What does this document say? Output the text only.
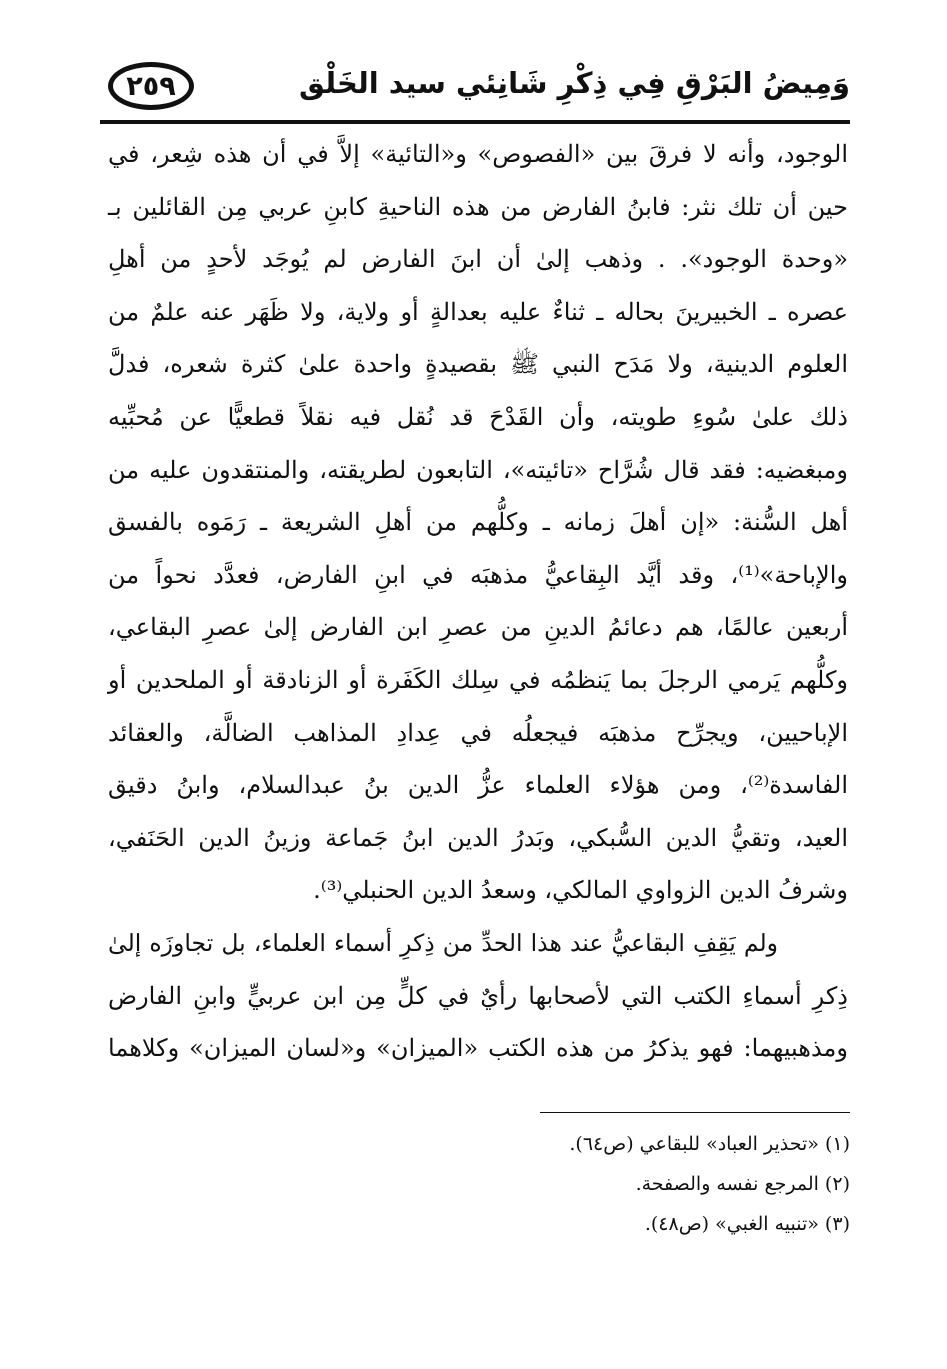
وَمِيضُ البَرْقِ فِي ذِكْرِ شَانِئي سيد الخَلْق
٢٥٩
الوجود، وأنه لا فرقَ بين «الفصوص» و«التائية» إلاَّ في أن هذه شِعر، في
حين أن تلك نثر: فابنُ الفارض من هذه الناحيةِ كابنِ عربي مِن القائلين بـ
«وحدة الوجود». . وذهب إلىٰ أن ابنَ الفارض لم يُوجَد لأحدٍ من أهلِ
عصره ـ الخبيرينَ بحاله ـ ثناءٌ عليه بعدالةٍ أو ولاية، ولا ظَهَر عنه علمٌ من
العلوم الدينية، ولا مَدَح النبي ﷺ بقصيدةٍ واحدة علىٰ كثرة شعره، فدلَّ
ذلك علىٰ سُوءِ طويته، وأن القَدْحَ قد نُقل فيه نقلاً قطعيًّا عن مُحبِّيه
ومبغضيه: فقد قال شُرَّاح «تائيته»، التابعون لطريقته، والمنتقدون عليه من
أهل السُّنة: «إن أهلَ زمانه ـ وكلُّهم من أهلِ الشريعة ـ رَمَوه بالفسق
والإباحة»⁽¹⁾، وقد أيَّد البِقاعيُّ مذهبَه في ابنِ الفارض، فعدَّد نحواً من
أربعين عالمًا، هم دعائمُ الدينِ من عصرِ ابن الفارض إلىٰ عصرِ البقاعي،
وكلُّهم يَرمي الرجلَ بما يَنظمُه في سِلك الكَفَرة أو الزنادقة أو الملحدين أو
الإباحيين، ويجرِّح مذهبَه فيجعلُه في عِدادِ المذاهب الضالَّة، والعقائد
الفاسدة⁽²⁾، ومن هؤلاء العلماء عزُّ الدين بنُ عبدالسلام، وابنُ دقيق
العيد، وتقيُّ الدين السُّبكي، وبَدرُ الدين ابنُ جَماعة وزينُ الدين الحَنَفي،
وشرفُ الدين الزواوي المالكي، وسعدُ الدين الحنبلي⁽³⁾.
ولم يَقِفِ البقاعيُّ عند هذا الحدِّ من ذِكرِ أسماء العلماء، بل تجاوزَه إلىٰ
ذِكرِ أسماءِ الكتب التي لأصحابها رأيٌ في كلٍّ مِن ابن عربيٍّ وابنِ الفارض
ومذهبيهما: فهو يذكرُ من هذه الكتب «الميزان» و«لسان الميزان» وكلاهما
(١) «تحذير العباد» للبقاعي (ص٦٤).
(٢) المرجع نفسه والصفحة.
(٣) «تنبيه الغبي» (ص٤٨).
